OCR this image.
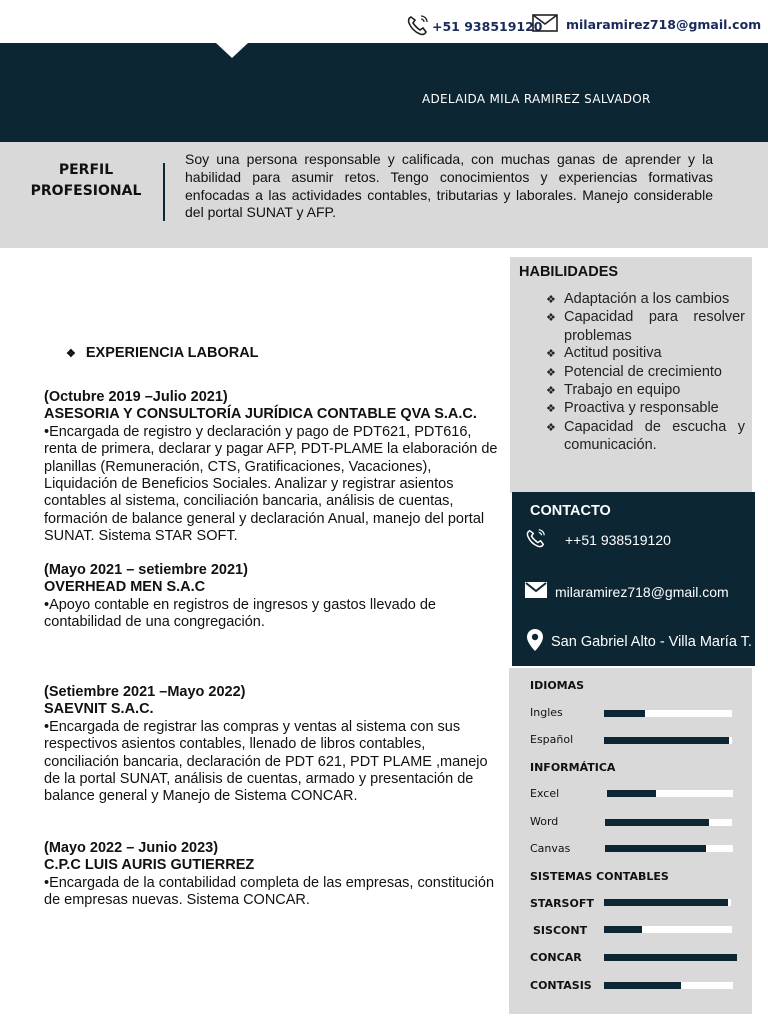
+51 938519120 milaramirez718@gmail.com
ADELAIDA MILA RAMIREZ SALVADOR
PERFIL
PROFESIONAL
Soy una persona responsable y calificada, con muchas ganas de aprender y la habilidad para asumir retos. Tengo conocimientos y experiencias formativas enfocadas a las actividades contables, tributarias y laborales. Manejo considerable del portal SUNAT y AFP.
HABILIDADES
❖ Adaptación a los cambios
❖ Capacidad para resolver problemas
❖ Actitud positiva
❖ Potencial de crecimiento
❖ Trabajo en equipo
❖ Proactiva y responsable
❖ Capacidad de escucha y comunicación.
CONTACTO
++51 938519120
milaramirez718@gmail.com
San Gabriel Alto - Villa María T.
IDIOMAS
Ingles
Español
INFORMÁTICA
Excel
Word
Canvas
SISTEMAS CONTABLES
STARSOFT
SISCONT
CONCAR
CONTASIS
❖ EXPERIENCIA LABORAL
(Octubre 2019 –Julio 2021)
ASESORIA Y CONSULTORÍA JURÍDICA CONTABLE QVA S.A.C.
•Encargada de registro y declaración y pago de PDT621, PDT616, renta de primera, declarar y pagar AFP, PDT-PLAME la elaboración de planillas (Remuneración, CTS, Gratificaciones, Vacaciones), Liquidación de Beneficios Sociales. Analizar y registrar asientos contables al sistema, conciliación bancaria, análisis de cuentas, formación de balance general y declaración Anual, manejo del portal SUNAT. Sistema STAR SOFT.
(Mayo 2021 – setiembre 2021)
OVERHEAD MEN S.A.C
•Apoyo contable en registros de ingresos y gastos llevado de contabilidad de una congregación.
(Setiembre 2021 –Mayo 2022)
SAEVNIT S.A.C.
•Encargada de registrar las compras y ventas al sistema con sus respectivos asientos contables, llenado de libros contables, conciliación bancaria, declaración de PDT 621, PDT PLAME ,manejo de la portal SUNAT, análisis de cuentas, armado y presentación de balance general y Manejo de Sistema CONCAR.
(Mayo 2022 – Junio 2023)
C.P.C LUIS AURIS GUTIERREZ
•Encargada de la contabilidad completa de las empresas, constitución de empresas nuevas. Sistema CONCAR.
